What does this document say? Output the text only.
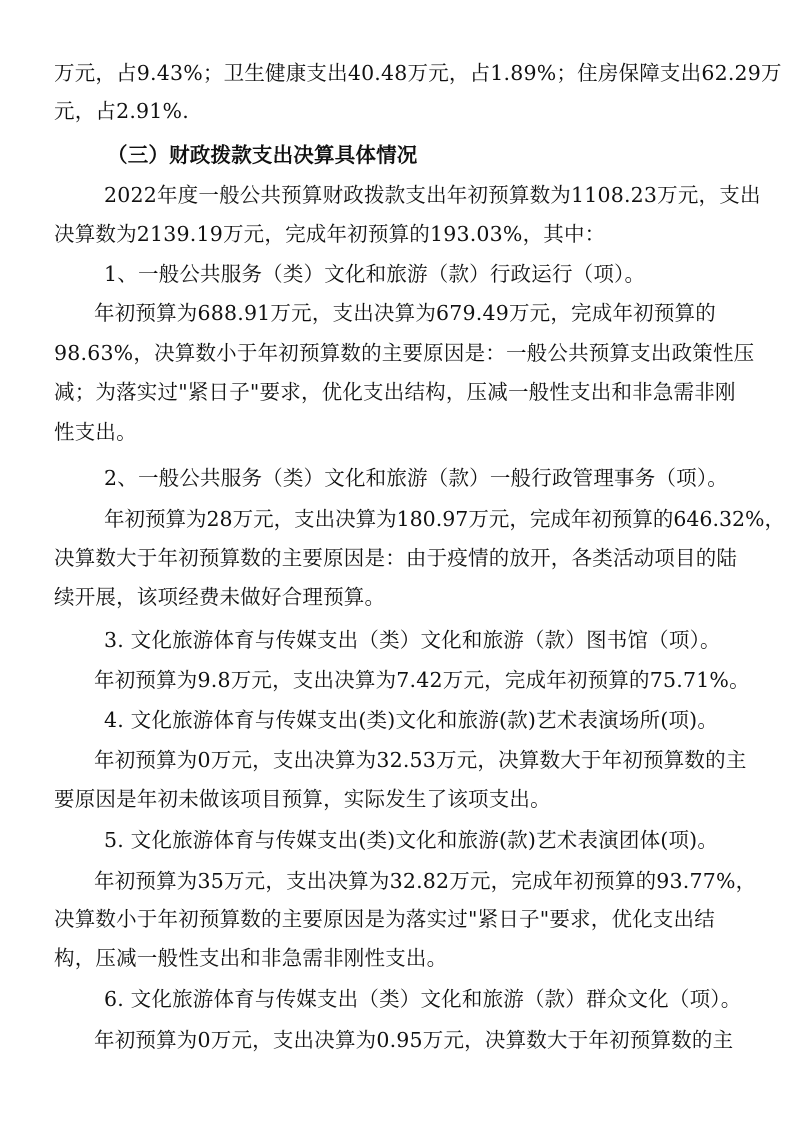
万元，占9.43%；卫生健康支出40.48万元，占1.89%；住房保障支出62.29万
元，占2.91%.
（三）财政拨款支出决算具体情况
2022年度一般公共预算财政拨款支出年初预算数为1108.23万元，支出
决算数为2139.19万元，完成年初预算的193.03%，其中：
1、一般公共服务（类）文化和旅游（款）行政运行（项）。
年初预算为688.91万元，支出决算为679.49万元，完成年初预算的
98.63%，决算数小于年初预算数的主要原因是：一般公共预算支出政策性压
减；为落实过"紧日子"要求，优化支出结构，压减一般性支出和非急需非刚
性支出。
2、一般公共服务（类）文化和旅游（款）一般行政管理事务（项）。
年初预算为28万元，支出决算为180.97万元，完成年初预算的646.32%，
决算数大于年初预算数的主要原因是：由于疫情的放开，各类活动项目的陆
续开展，该项经费未做好合理预算。
3. 文化旅游体育与传媒支出（类）文化和旅游（款）图书馆（项）。
年初预算为9.8万元，支出决算为7.42万元，完成年初预算的75.71%。
4. 文化旅游体育与传媒支出(类)文化和旅游(款)艺术表演场所(项)。
年初预算为0万元，支出决算为32.53万元，决算数大于年初预算数的主
要原因是年初未做该项目预算，实际发生了该项支出。
5. 文化旅游体育与传媒支出(类)文化和旅游(款)艺术表演团体(项)。
年初预算为35万元，支出决算为32.82万元，完成年初预算的93.77%，
决算数小于年初预算数的主要原因是为落实过"紧日子"要求，优化支出结
构，压减一般性支出和非急需非刚性支出。
6. 文化旅游体育与传媒支出（类）文化和旅游（款）群众文化（项）。
年初预算为0万元，支出决算为0.95万元，决算数大于年初预算数的主
